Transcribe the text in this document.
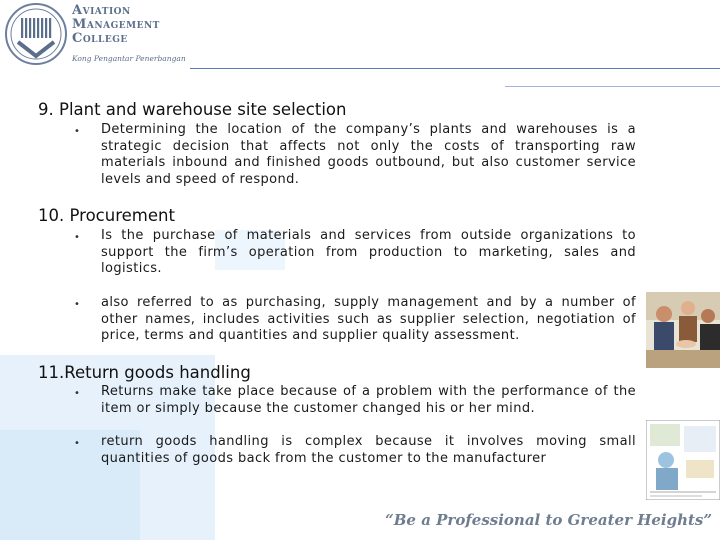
Aviation
Management
College
Kong Pengantar Penerbangan
9. Plant and warehouse site selection
• Determining the location of the company’s plants and warehouses is a strategic decision that affects not only the costs of transporting raw materials inbound and finished goods outbound, but also customer service levels and speed of respond.
10. Procurement
• Is the purchase of materials and services from outside organizations to support the firm’s operation from production to marketing, sales and logistics.
• also referred to as purchasing, supply management and by a number of other names, includes activities such as supplier selection, negotiation of price, terms and quantities and supplier quality assessment.
11.Return goods handling
• Returns make take place because of a problem with the performance of the item or simply because the customer changed his or her mind.
• return goods handling is complex because it involves moving small quantities of goods back from the customer to the manufacturer
“Be a Professional to Greater Heights”
